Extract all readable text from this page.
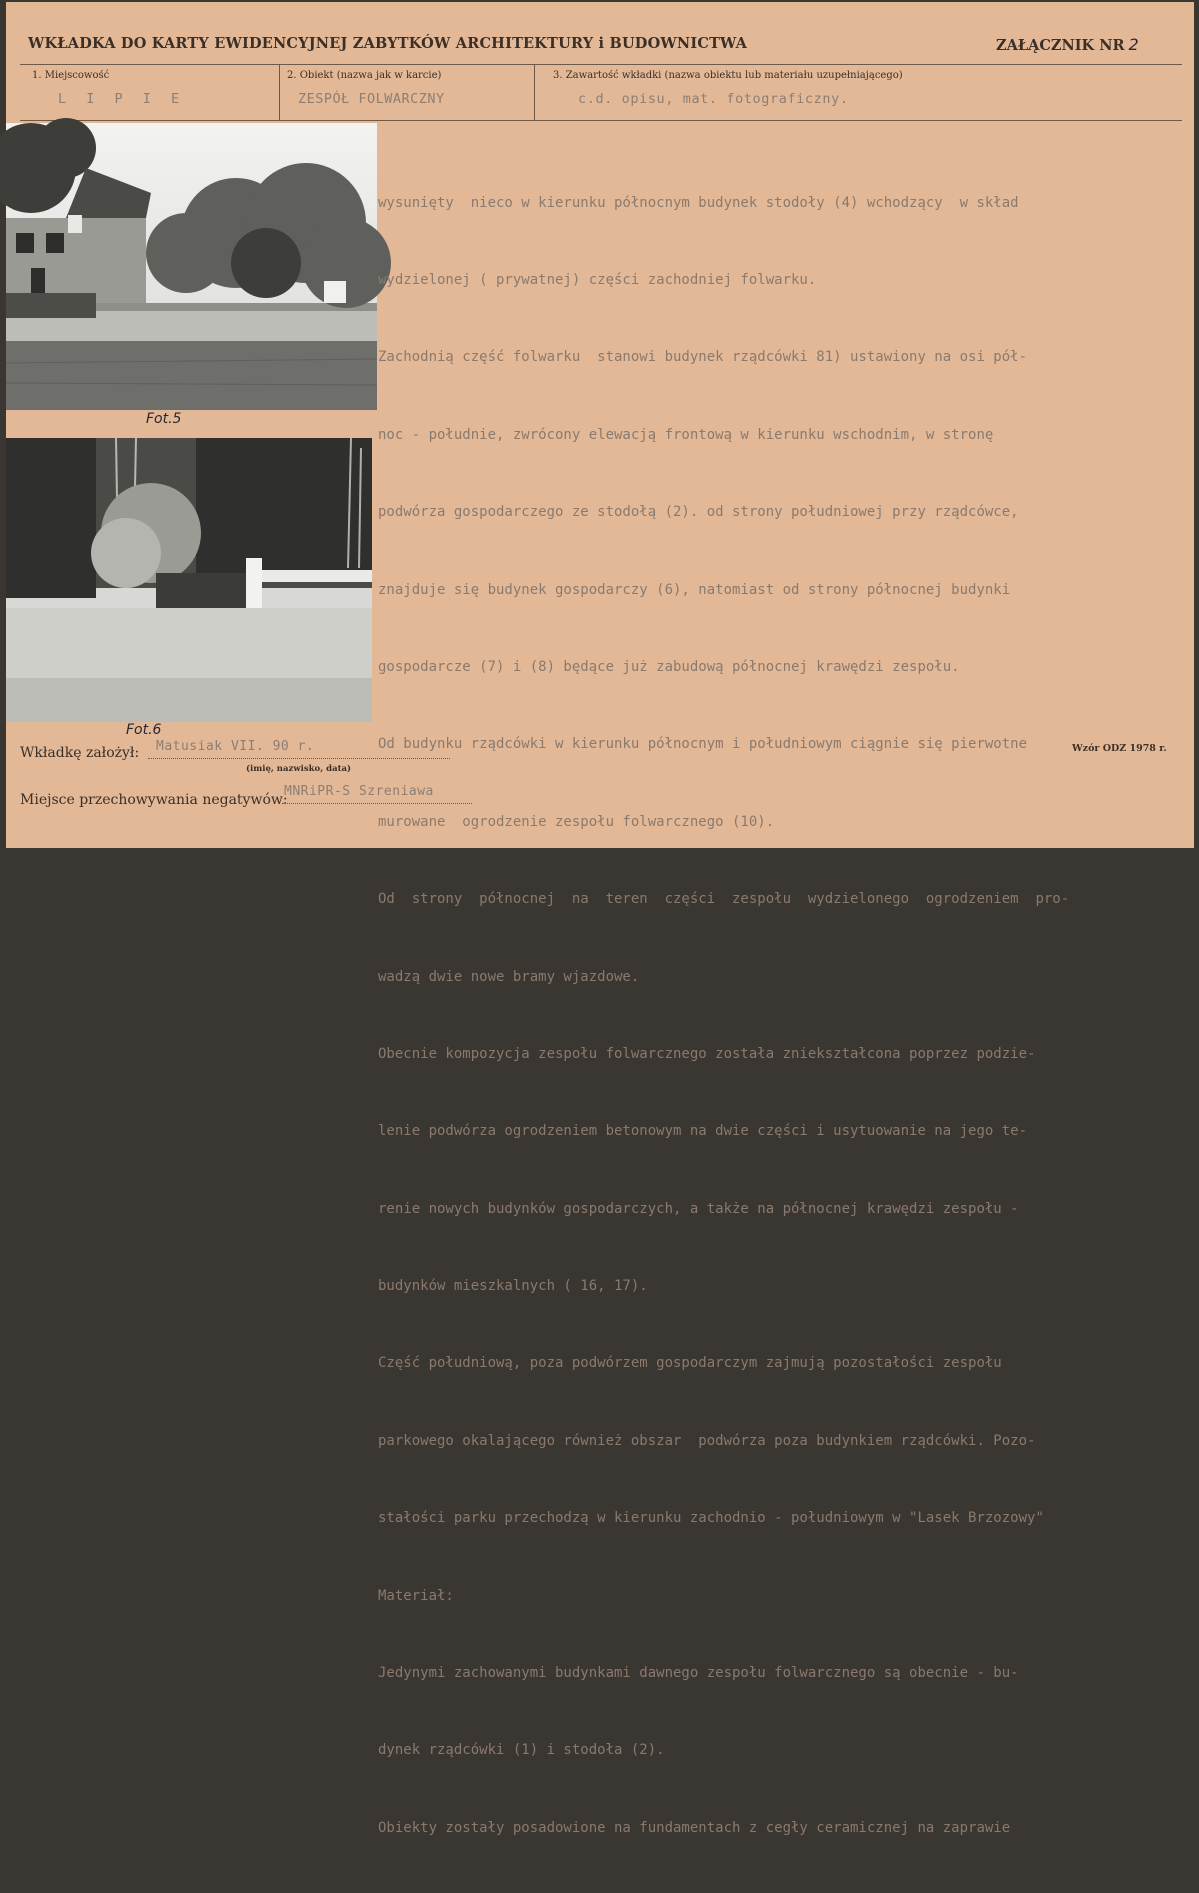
WKŁADKA DO KARTY EWIDENCYJNEJ ZABYTKÓW ARCHITEKTURY i BUDOWNICTWA	ZAŁĄCZNIK NR 2
1. Miejscowość
L I P I E
2. Obiekt (nazwa jak w karcie)
ZESPÓŁ FOLWARCZNY
3. Zawartość wkładki (nazwa obiektu lub materiału uzupełniającego)
c.d. opisu, mat. fotograficzny.
Fot.5
Fot.6

wysunięty  nieco w kierunku północnym budynek stodoły (4) wchodzący  w skład

wydzielonej ( prywatnej) części zachodniej folwarku.

Zachodnią część folwarku  stanowi budynek rządcówki 81) ustawiony na osi pół-

noc - południe, zwrócony elewacją frontową w kierunku wschodnim, w stronę

podwórza gospodarczego ze stodołą (2). od strony południowej przy rządcówce,

znajduje się budynek gospodarczy (6), natomiast od strony północnej budynki

gospodarcze (7) i (8) będące już zabudową północnej krawędzi zespołu.

Od budynku rządcówki w kierunku północnym i południowym ciągnie się pierwotne

murowane  ogrodzenie zespołu folwarcznego (10).

Od  strony  północnej  na  teren  części  zespołu  wydzielonego  ogrodzeniem  pro-

wadzą dwie nowe bramy wjazdowe.

Obecnie kompozycja zespołu folwarcznego została zniekształcona poprzez podzie-

lenie podwórza ogrodzeniem betonowym na dwie części i usytuowanie na jego te-

renie nowych budynków gospodarczych, a także na północnej krawędzi zespołu -

budynków mieszkalnych ( 16, 17).

Część południową, poza podwórzem gospodarczym zajmują pozostałości zespołu

parkowego okalającego również obszar  podwórza poza budynkiem rządcówki. Pozo-

stałości parku przechodzą w kierunku zachodnio - południowym w "Lasek Brzozowy"

Materiał:

Jedynymi zachowanymi budynkami dawnego zespołu folwarcznego są obecnie - bu-

dynek rządcówki (1) i stodoła (2).

Obiekty zostały posadowione na fundamentach z cegły ceramicznej na zaprawie

Wkładkę założył: Matusiak VII. 90 r.
(imię, nazwisko, data)
Wzór ODZ 1978 r.
Miejsce przechowywania negatywów:
MNRiPR-S Szreniawa
